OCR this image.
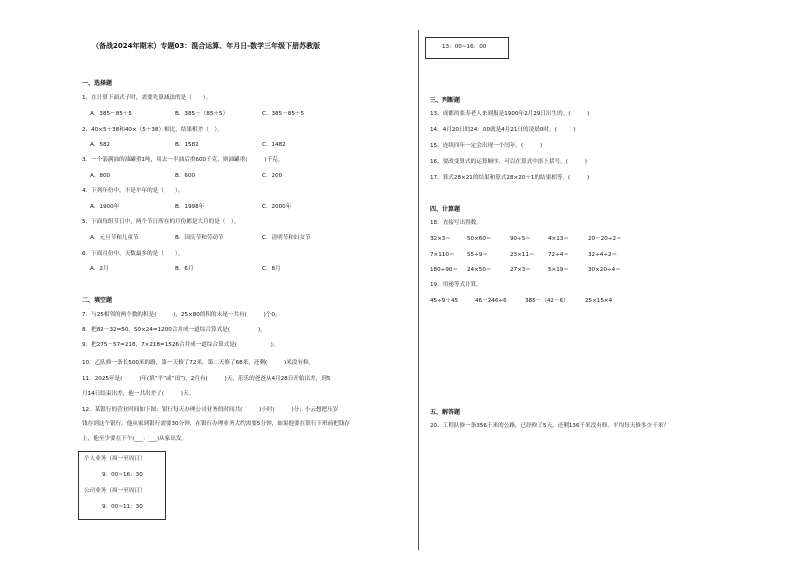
（备战2024年期末）专题03：混合运算、年月日-数学三年级下册苏教版	13：00~16：00
一、选择题
1．在计算下面式子时，需要先算减法的是（　　）。
A．385－85＋5	B．385－（85＋5）	C．385－85＋5
2．40×5＋38和40×（5＋38）相比，结果相差（　）。
A．582	B．1582	C．1482
3．一个装满油的油罐重1吨，用去一半油后重600千克，则油罐重(　　　)千克。
A．800	B．600	C．200
4．下列年份中，不是平年的是（　　）。
A．1900年	B．1998年	C．2000年
5．下面每组节日中，两个节日所在的月份都是大月的是（　）。
A．元旦节和儿童节	B．国庆节和劳动节	C．清明节和妇女节
6．下面月份中，天数最多的是（　　）。
A．2月	B．6月	C．8月
二、填空题
7．与25相邻的两个数的积是(　　　)，25×80的积的末尾一共有(　　　)个0。
8．把82－32=50，50×24=1200合并成一道综合算式是(　　　　　)。
9．把275－57=218，7×218=1526合并成一道综合算式是(　　　　　　)。
10．乙队修一条长500米的路，第一天修了72米，第二天修了68米，还剩(　　　)米没有修。
11．2025年是(　　　)年(填“平”或“闰”)，2月有(　　　)天，乐乐的爸爸从4月28日开始出差，到5
月14日结束出差，他一共出差了(　　　)天。
12．某银行的营业时间如下图：银行每天办理公司业务的时间共(　　　)小时(　　　)分；小云想把压岁
钱存到这个银行，他从家到银行需要30分钟，在银行办理业务大约需要5分钟，如果他要在银行下班前把钱存
上，他至少要在下午(___：___)从家出发。
个人业务（周一至周日）
9：00~16：30
公司业务（周一至周日）
9：00~11：30
三、判断题
13．成都的张寿老人来到报是1900年2月29日出生的。(　　　)
14．4月20日的24：00就是4月21日的凌晨0时。(　　　)
15．连续四年一定会出现一个闰年。(　　　)
16．要改变算式的运算顺序，可以在算式中添上括号。(　　　)
17．算式28×21的结果和算式28×20＋1的结果相等。(　　　)
四、计算题
18．直接写出得数。
32×3＝	50×60＝	90÷5＝	4×13＝	20－20÷2＝
7×110＝ 55÷9＝	23×11＝ 72÷4＝	32÷4÷2＝
180÷90＝ 24×50＝	27×3＝	5×19＝	30×20÷4＝
19．用递等式计算。
45÷9＋45	46－246÷6	385－（42－6）	25×15×4
五、解答题
20．工程队修一条356千米的公路，已经修了5天，还剩136千米没有修。平均每天修多少千米？
